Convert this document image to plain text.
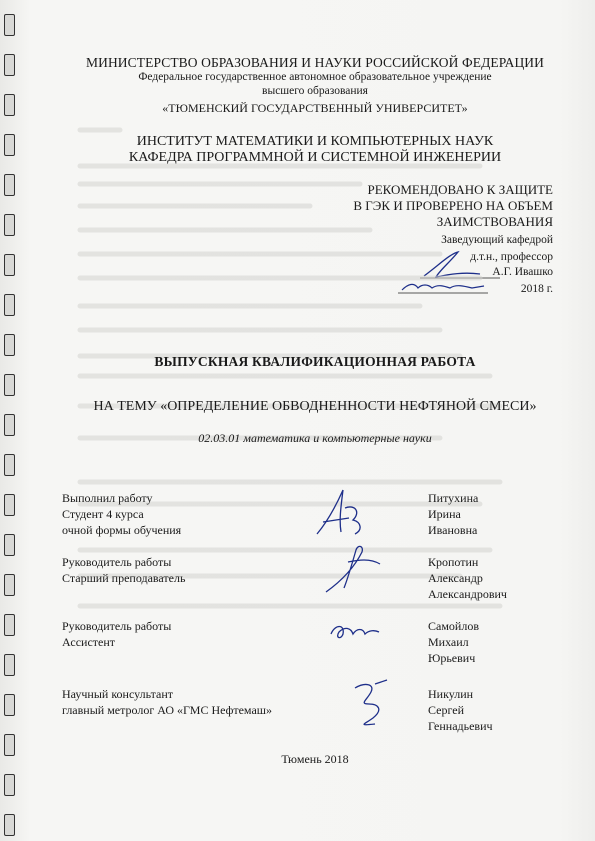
МИНИСТЕРСТВО ОБРАЗОВАНИЯ И НАУКИ РОССИЙСКОЙ ФЕДЕРАЦИИ
Федеральное государственное автономное образовательное учреждение
высшего образования
«ТЮМЕНСКИЙ ГОСУДАРСТВЕННЫЙ УНИВЕРСИТЕТ»
ИНСТИТУТ МАТЕМАТИКИ И КОМПЬЮТЕРНЫХ НАУК
КАФЕДРА ПРОГРАММНОЙ И СИСТЕМНОЙ ИНЖЕНЕРИИ
РЕКОМЕНДОВАНО К ЗАЩИТЕ
В ГЭК И ПРОВЕРЕНО НА ОБЪЕМ
ЗАИМСТВОВАНИЯ
Заведующий кафедрой
д.т.н., профессор
А.Г. Ивашко
2018 г.
ВЫПУСКНАЯ КВАЛИФИКАЦИОННАЯ РАБОТА
НА ТЕМУ «ОПРЕДЕЛЕНИЕ ОБВОДНЕННОСТИ НЕФТЯНОЙ СМЕСИ»
02.03.01 математика и компьютерные науки
Выполнил работу
Студент 4 курса
очной формы обучения
Питухина
Ирина
Ивановна
Руководитель работы
Старший преподаватель
Кропотин
Александр
Александрович
Руководитель работы
Ассистент
Самойлов
Михаил
Юрьевич
Научный консультант
главный метролог АО «ГМС Нефтемаш»
Никулин
Сергей
Геннадьевич
Тюмень 2018
